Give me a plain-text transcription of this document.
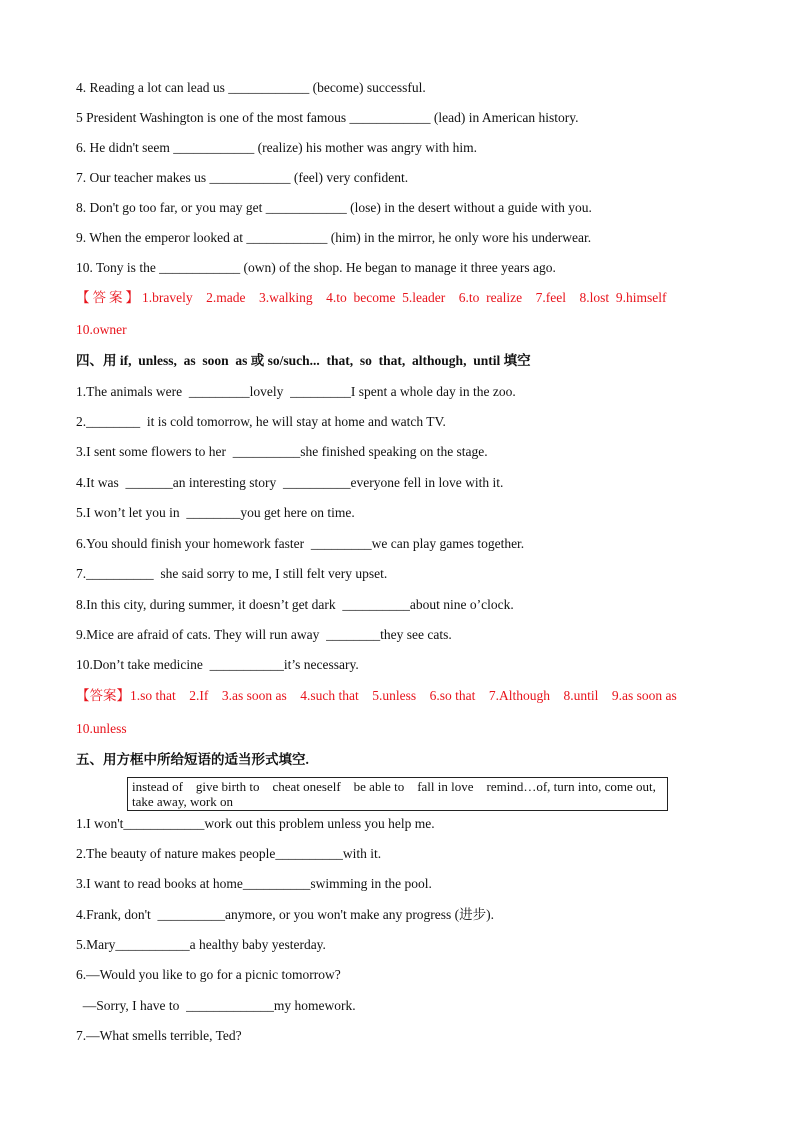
4. Reading a lot can lead us ____________ (become) successful.
5 President Washington is one of the most famous ____________ (lead) in American history.
6. He didn't seem ____________ (realize) his mother was angry with him.
7. Our teacher makes us ____________ (feel) very confident.
8. Don't go too far, or you may get ____________ (lose) in the desert without a guide with you.
9. When the emperor looked at ____________ (him) in the mirror, he only wore his underwear.
10. Tony is the ____________ (own) of the shop. He began to manage it three years ago.
【答案】1.bravely    2.made    3.walking    4.to  become  5.leader    6.to  realize    7.feel    8.lost  9.himself
10.owner
四、用 if,  unless,  as  soon  as 或 so/such...  that,  so  that,  although,  until 填空
1.The animals were  _________lovely  _________I spent a whole day in the zoo.
2.________  it is cold tomorrow, he will stay at home and watch TV.
3.I sent some flowers to her  __________she finished speaking on the stage.
4.It was  _______an interesting story  __________everyone fell in love with it.
5.I won’t let you in  ________you get here on time.
6.You should finish your homework faster  _________we can play games together.
7.__________  she said sorry to me, I still felt very upset.
8.In this city, during summer, it doesn’t get dark  __________about nine o’clock.
9.Mice are afraid of cats. They will run away  ________they see cats.
10.Don’t take medicine  ___________it’s necessary.
【答案】1.so that    2.If    3.as soon as    4.such that    5.unless    6.so that    7.Although    8.until    9.as soon as
10.unless
五、用方框中所给短语的适当形式填空.
instead of    give birth to    cheat oneself    be able to    fall in love    remind…of, turn into, come out, take away, work on
1.I won't____________work out this problem unless you help me.
2.The beauty of nature makes people__________with it.
3.I want to read books at home__________swimming in the pool.
4.Frank, don't  __________anymore, or you won't make any progress (进步).
5.Mary___________a healthy baby yesterday.
6.—Would you like to go for a picnic tomorrow?
—Sorry, I have to  _____________my homework.
7.—What smells terrible, Ted?
